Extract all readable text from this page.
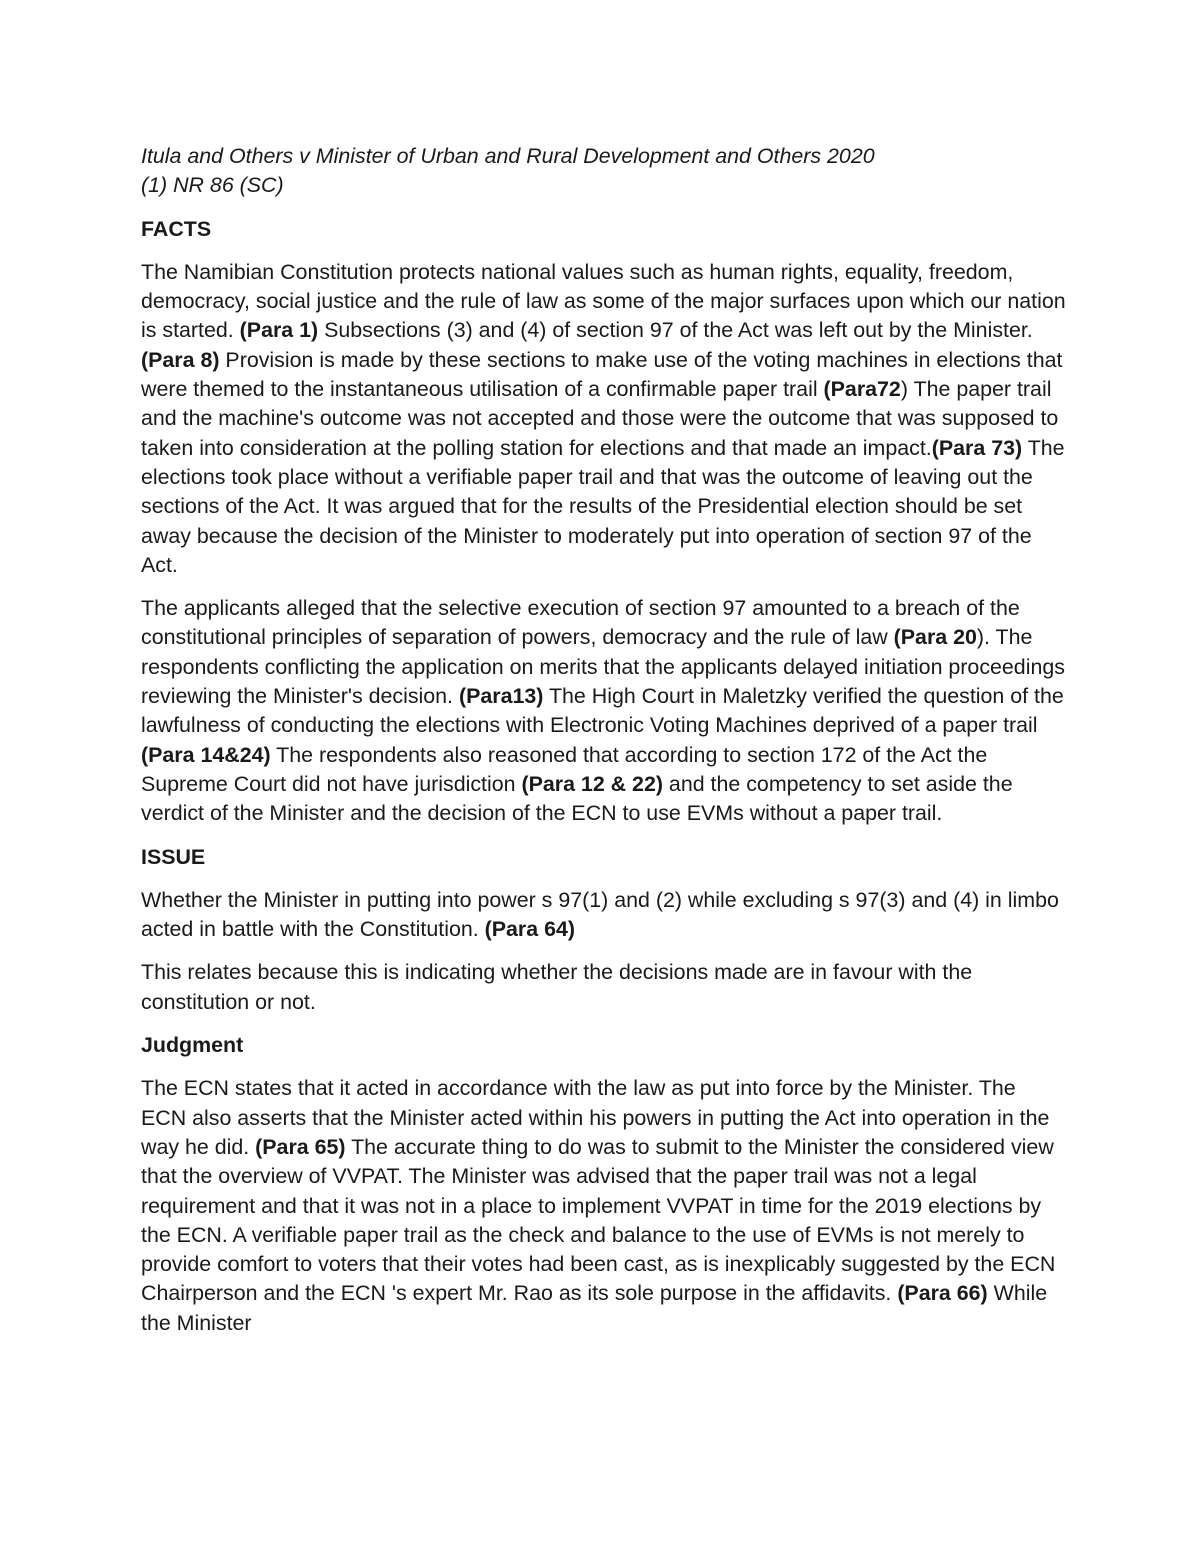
Itula and Others v Minister of Urban and Rural Development and Others 2020
(1) NR 86 (SC)

FACTS

The Namibian Constitution protects national values such as human rights, equality, freedom, democracy, social justice and the rule of law as some of the major surfaces upon which our nation is started. (Para 1) Subsections (3) and (4) of section 97 of the Act was left out by the Minister. (Para 8) Provision is made by these sections to make use of the voting machines in elections that were themed to the instantaneous utilisation of a confirmable paper trail (Para72) The paper trail and the machine's outcome was not accepted and those were the outcome that was supposed to taken into consideration at the polling station for elections and that made an impact.(Para 73) The elections took place without a verifiable paper trail and that was the outcome of leaving out the sections of the Act. It was argued that for the results of the Presidential election should be set away because the decision of the Minister to moderately put into operation of section 97 of the Act.

The applicants alleged that the selective execution of section 97 amounted to a breach of the constitutional principles of separation of powers, democracy and the rule of law (Para 20). The respondents conflicting the application on merits that the applicants delayed initiation proceedings reviewing the Minister's decision. (Para13) The High Court in Maletzky verified the question of the lawfulness of conducting the elections with Electronic Voting Machines deprived of a paper trail (Para 14&24) The respondents also reasoned that according to section 172 of the Act the Supreme Court did not have jurisdiction (Para 12 & 22) and the competency to set aside the verdict of the Minister and the decision of the ECN to use EVMs without a paper trail.

ISSUE

Whether the Minister in putting into power s 97(1) and (2) while excluding s 97(3) and (4) in limbo acted in battle with the Constitution. (Para 64)

This relates because this is indicating whether the decisions made are in favour with the constitution or not.

Judgment

The ECN states that it acted in accordance with the law as put into force by the Minister. The ECN also asserts that the Minister acted within his powers in putting the Act into operation in the way he did. (Para 65) The accurate thing to do was to submit to the Minister the considered view that the overview of VVPAT. The Minister was advised that the paper trail was not a legal requirement and that it was not in a place to implement VVPAT in time for the 2019 elections by the ECN. A verifiable paper trail as the check and balance to the use of EVMs is not merely to provide comfort to voters that their votes had been cast, as is inexplicably suggested by the ECN Chairperson and the ECN 's expert Mr. Rao as its sole purpose in the affidavits. (Para 66) While the Minister
